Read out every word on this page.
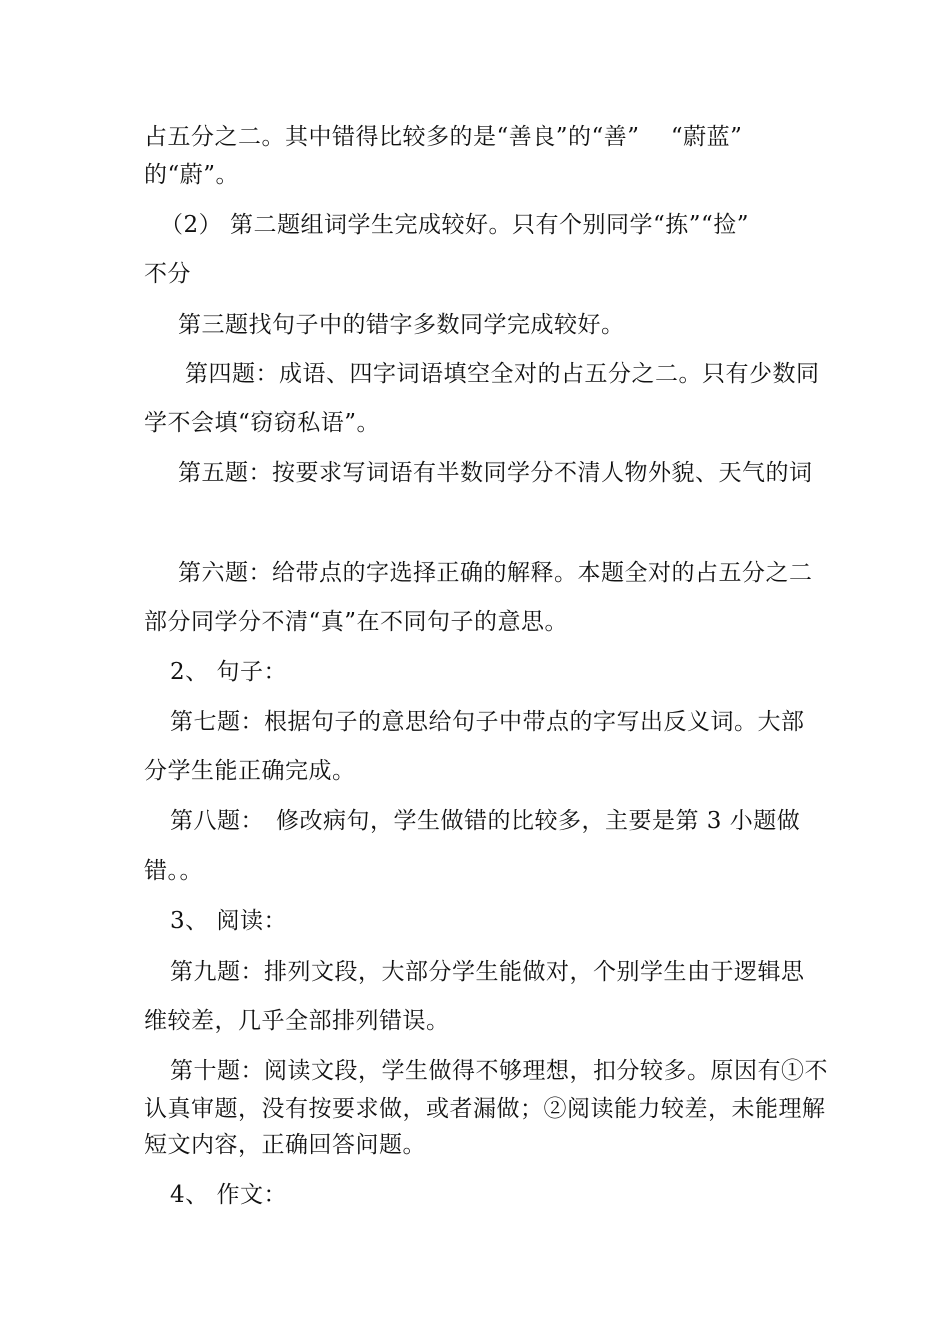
占五分之二。其中错得比较多的是“善良”的“善”　 “蔚蓝”
的“蔚”。
（2） 第二题组词学生完成较好。只有个别同学“拣”“捡”
不分
第三题找句子中的错字多数同学完成较好。
第四题：成语、四字词语填空全对的占五分之二。只有少数同
学不会填“窃窃私语”。
第五题：按要求写词语有半数同学分不清人物外貌、天气的词
第六题：给带点的字选择正确的解释。本题全对的占五分之二
部分同学分不清“真”在不同句子的意思。
2、 句子：
第七题：根据句子的意思给句子中带点的字写出反义词。大部
分学生能正确完成。
第八题：　修改病句，学生做错的比较多，主要是第 3 小题做
错。。
3、 阅读：
第九题：排列文段，大部分学生能做对，个别学生由于逻辑思
维较差，几乎全部排列错误。
第十题：阅读文段，学生做得不够理想，扣分较多。原因有①不
认真审题，没有按要求做，或者漏做；②阅读能力较差，未能理解
短文内容，正确回答问题。
4、 作文：
